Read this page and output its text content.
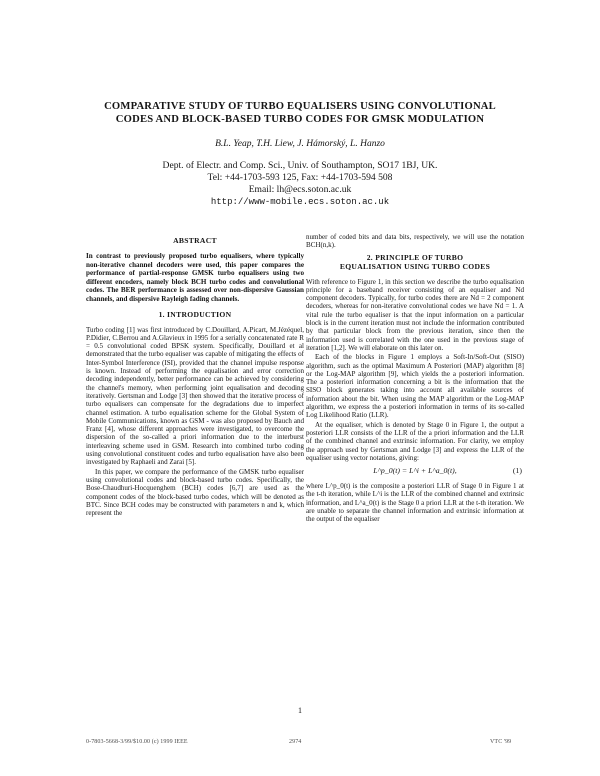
COMPARATIVE STUDY OF TURBO EQUALISERS USING CONVOLUTIONAL
CODES AND BLOCK-BASED TURBO CODES FOR GMSK MODULATION
B.L. Yeap, T.H. Liew, J. Hámorský, L. Hanzo
Dept. of Electr. and Comp. Sci., Univ. of Southampton, SO17 1BJ, UK.
Tel: +44-1703-593 125, Fax: +44-1703-594 508
Email: lh@ecs.soton.ac.uk
http://www-mobile.ecs.soton.ac.uk
ABSTRACT
In contrast to previously proposed turbo equalisers, where typically non-iterative channel decoders were used, this paper compares the performance of partial-response GMSK turbo equalisers using two different encoders, namely block BCH turbo codes and convolutional codes. The BER performance is assessed over non-dispersive Gaussian channels, and dispersive Rayleigh fading channels.
1. INTRODUCTION

Turbo coding [1] was first introduced by C.Douillard, A.Picart, M.Jézéquel, P.Didier, C.Berrou and A.Glavieux in 1995 for a serially concatenated rate R = 0.5 convolutional coded BPSK system. Specifically, Douillard et al demonstrated that the turbo equaliser was capable of mitigating the effects of Inter-Symbol Interference (ISI), provided that the channel impulse response is known. Instead of performing the equalisation and error correction decoding independently, better performance can be achieved by considering the channel's memory, when performing joint equalisation and decoding iteratively. Gertsman and Lodge [3] then showed that the iterative process of turbo equalisers can compensate for the degradations due to imperfect channel estimation. A turbo equalisation scheme for the Global System of Mobile Communications, known as GSM - was also proposed by Bauch and Franz [4], whose different approaches were investigated, to overcome the dispersion of the so-called a priori information due to the interburst interleaving scheme used in GSM. Research into combined turbo coding using convolutional constituent codes and turbo equalisation have also been investigated by Raphaeli and Zarai [5].

In this paper, we compare the performance of the GMSK turbo equaliser using convolutional codes and block-based turbo codes. Specifically, the Bose-Chaudhuri-Hocquenghem (BCH) codes [6,7] are used as the component codes of the block-based turbo codes, which will be denoted as BTC. Since BCH codes may be constructed with parameters n and k, which represent the

number of coded bits and data bits, respectively, we will use the notation BCH(n,k).

2. PRINCIPLE OF TURBO
EQUALISATION USING TURBO CODES

With reference to Figure 1, in this section we describe the turbo equalisation principle for a baseband receiver consisting of an equaliser and Nd component decoders. Typically, for turbo codes there are Nd = 2 component decoders, whereas for non-iterative convolutional codes we have Nd = 1. A vital rule the turbo equaliser is that the input information on a particular block is in the current iteration must not include the information contributed by that particular block from the previous iteration, since then the information used is correlated with the one used in the previous stage of iteration [1,2]. We will elaborate on this later on.

Each of the blocks in Figure 1 employs a Soft-In/Soft-Out (SISO) algorithm, such as the optimal Maximum A Posteriori (MAP) algorithm [8] or the Log-MAP algorithm [9], which yields the a posteriori information. The a posteriori information concerning a bit is the information that the SISO block generates taking into account all available sources of information about the bit. When using the MAP algorithm or the Log-MAP algorithm, we express the a posteriori information in terms of its so-called Log Likelihood Ratio (LLR).

At the equaliser, which is denoted by Stage 0 in Figure 1, the output a posteriori LLR consists of the LLR of the a priori information and the LLR of the combined channel and extrinsic information. For clarity, we employ the approach used by Gertsman and Lodge [3] and express the LLR of the equaliser using vector notations, giving:

L^p_0(t) = L^i + L^a_0(t),	(1)

where L^p_0(t) is the composite a posteriori LLR of Stage 0 in Figure 1 at the t-th iteration, while L^i is the LLR of the combined channel and extrinsic information, and L^a_0(t) is the Stage 0 a priori LLR at the t-th iteration. We are unable to separate the channel information and extrinsic information at the output of the equaliser

1
0-7803-5668-3/99/$10.00 (c) 1999 IEEE	2974	VTC '99
